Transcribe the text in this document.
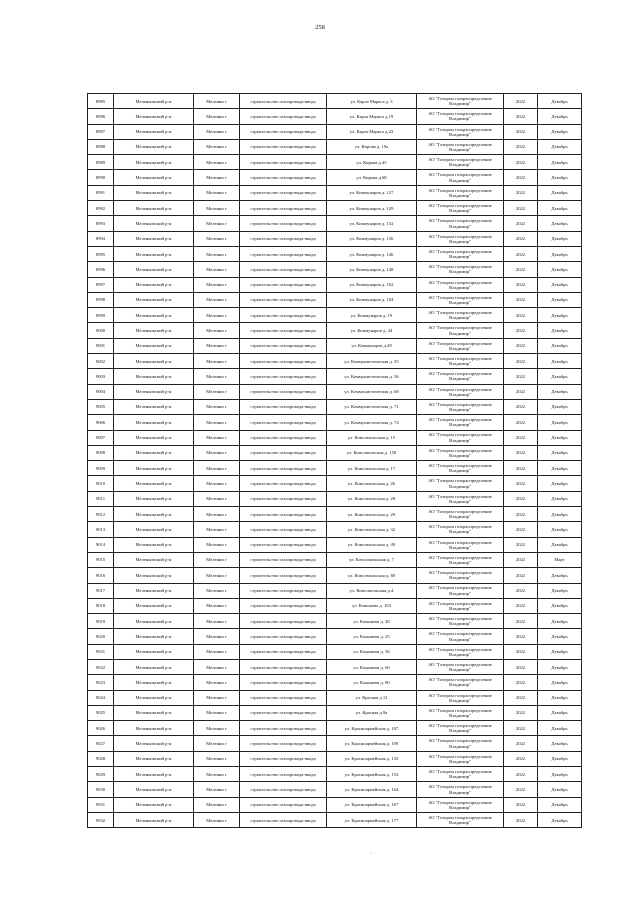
258
8985	Меленковский р-н	Меленки г	строительство газопровода-ввода	ул. Карла Маркса д. 3	АО "Газпром газораспределение Владимир"	2022	Декабрь
8986	Меленковский р-н	Меленки г	строительство газопровода-ввода	ул. Карла Маркса д.19	АО "Газпром газораспределение Владимир"	2022	Декабрь
8987	Меленковский р-н	Меленки г	строительство газопровода-ввода	ул. Карла Маркса д.23	АО "Газпром газораспределение Владимир"	2022	Декабрь
8988	Меленковский р-н	Меленки г	строительство газопровода-ввода	ул. Кирова д. 19а	АО "Газпром газораспределение Владимир"	2022	Декабрь
8989	Меленковский р-н	Меленки г	строительство газопровода-ввода	ул. Кирова д.45	АО "Газпром газораспределение Владимир"	2022	Декабрь
8990	Меленковский р-н	Меленки г	строительство газопровода-ввода	ул. Кирова д.68	АО "Газпром газораспределение Владимир"	2022	Декабрь
8991	Меленковский р-н	Меленки г	строительство газопровода-ввода	ул. Коммунаров д. 127	АО "Газпром газораспределение Владимир"	2022	Декабрь
8992	Меленковский р-н	Меленки г	строительство газопровода-ввода	ул. Коммунаров д. 129	АО "Газпром газораспределение Владимир"	2022	Декабрь
8993	Меленковский р-н	Меленки г	строительство газопровода-ввода	ул. Коммунаров д. 132	АО "Газпром газораспределение Владимир"	2022	Декабрь
8994	Меленковский р-н	Меленки г	строительство газопровода-ввода	ул. Коммунаров д. 136	АО "Газпром газораспределение Владимир"	2022	Декабрь
8995	Меленковский р-н	Меленки г	строительство газопровода-ввода	ул. Коммунаров д. 146	АО "Газпром газораспределение Владимир"	2022	Декабрь
8996	Меленковский р-н	Меленки г	строительство газопровода-ввода	ул. Коммунаров д. 148	АО "Газпром газораспределение Владимир"	2022	Декабрь
8997	Меленковский р-н	Меленки г	строительство газопровода-ввода	ул. Коммунаров д. 162	АО "Газпром газораспределение Владимир"	2022	Декабрь
8998	Меленковский р-н	Меленки г	строительство газопровода-ввода	ул. Коммунаров д. 184	АО "Газпром газораспределение Владимир"	2022	Декабрь
8999	Меленковский р-н	Меленки г	строительство газопровода-ввода	ул. Коммунаров д. 19	АО "Газпром газораспределение Владимир"	2022	Декабрь
9000	Меленковский р-н	Меленки г	строительство газопровода-ввода	ул. Коммунаров д. 44	АО "Газпром газораспределение Владимир"	2022	Декабрь
9001	Меленковский р-н	Меленки г	строительство газопровода-ввода	ул. Коммунаров д.28	АО "Газпром газораспределение Владимир"	2022	Декабрь
9002	Меленковский р-н	Меленки г	строительство газопровода-ввода	ул. Коммунистическая д. 55	АО "Газпром газораспределение Владимир"	2022	Декабрь
9003	Меленковский р-н	Меленки г	строительство газопровода-ввода	ул. Коммунистическая д. 56	АО "Газпром газораспределение Владимир"	2022	Декабрь
9004	Меленковский р-н	Меленки г	строительство газопровода-ввода	ул. Коммунистическая д. 68	АО "Газпром газораспределение Владимир"	2022	Декабрь
9005	Меленковский р-н	Меленки г	строительство газопровода-ввода	ул. Коммунистическая д. 71	АО "Газпром газораспределение Владимир"	2022	Декабрь
9006	Меленковский р-н	Меленки г	строительство газопровода-ввода	ул. Коммунистическая д. 74	АО "Газпром газораспределение Владимир"	2022	Декабрь
9007	Меленковский р-н	Меленки г	строительство газопровода-ввода	ул. Комсомольская д. 15	АО "Газпром газораспределение Владимир"	2022	Декабрь
9008	Меленковский р-н	Меленки г	строительство газопровода-ввода	ул. Комсомольская д. 150	АО "Газпром газораспределение Владимир"	2022	Декабрь
9009	Меленковский р-н	Меленки г	строительство газопровода-ввода	ул. Комсомольская д. 17	АО "Газпром газораспределение Владимир"	2022	Декабрь
9010	Меленковский р-н	Меленки г	строительство газопровода-ввода	ул. Комсомольская д. 26	АО "Газпром газораспределение Владимир"	2022	Декабрь
9011	Меленковский р-н	Меленки г	строительство газопровода-ввода	ул. Комсомольская д. 28	АО "Газпром газораспределение Владимир"	2022	Декабрь
9012	Меленковский р-н	Меленки г	строительство газопровода-ввода	ул. Комсомольская д. 29	АО "Газпром газораспределение Владимир"	2022	Декабрь
9013	Меленковский р-н	Меленки г	строительство газопровода-ввода	ул. Комсомольская д. 32	АО "Газпром газораспределение Владимир"	2022	Декабрь
9014	Меленковский р-н	Меленки г	строительство газопровода-ввода	ул. Комсомольская д. 49	АО "Газпром газораспределение Владимир"	2022	Декабрь
9015	Меленковский р-н	Меленки г	строительство газопровода-ввода	ул. Комсомольская д. 7	АО "Газпром газораспределение Владимир"	2022	Март
9016	Меленковский р-н	Меленки г	строительство газопровода-ввода	ул. Комсомольская д. 80	АО "Газпром газораспределение Владимир"	2022	Декабрь
9017	Меленковский р-н	Меленки г	строительство газопровода-ввода	ул. Комсомольская д.4	АО "Газпром газораспределение Владимир"	2022	Декабрь
9018	Меленковский р-н	Меленки г	строительство газопровода-ввода	ул. Коньшева д. 103	АО "Газпром газораспределение Владимир"	2022	Декабрь
9019	Меленковский р-н	Меленки г	строительство газопровода-ввода	ул. Коньшева д. 20	АО "Газпром газораспределение Владимир"	2022	Декабрь
9020	Меленковский р-н	Меленки г	строительство газопровода-ввода	ул. Коньшева д. 25	АО "Газпром газораспределение Владимир"	2022	Декабрь
9021	Меленковский р-н	Меленки г	строительство газопровода-ввода	ул. Коньшева д. 56	АО "Газпром газораспределение Владимир"	2022	Декабрь
9022	Меленковский р-н	Меленки г	строительство газопровода-ввода	ул. Коньшева д. 60	АО "Газпром газораспределение Владимир"	2022	Декабрь
9023	Меленковский р-н	Меленки г	строительство газопровода-ввода	ул. Коньшева д. 80	АО "Газпром газораспределение Владимир"	2022	Декабрь
9024	Меленковский р-н	Меленки г	строительство газопровода-ввода	ул. Красная д.12	АО "Газпром газораспределение Владимир"	2022	Декабрь
9025	Меленковский р-н	Меленки г	строительство газопровода-ввода	ул. Красная д.9а	АО "Газпром газораспределение Владимир"	2022	Декабрь
9026	Меленковский р-н	Меленки г	строительство газопровода-ввода	ул. Красноармейская д. 107	АО "Газпром газораспределение Владимир"	2022	Декабрь
9027	Меленковский р-н	Меленки г	строительство газопровода-ввода	ул. Красноармейская д. 109	АО "Газпром газораспределение Владимир"	2022	Декабрь
9028	Меленковский р-н	Меленки г	строительство газопровода-ввода	ул. Красноармейская д. 135	АО "Газпром газораспределение Владимир"	2022	Декабрь
9029	Меленковский р-н	Меленки г	строительство газопровода-ввода	ул. Красноармейская д. 154	АО "Газпром газораспределение Владимир"	2022	Декабрь
9030	Меленковский р-н	Меленки г	строительство газопровода-ввода	ул. Красноармейская д. 164	АО "Газпром газораспределение Владимир"	2022	Декабрь
9031	Меленковский р-н	Меленки г	строительство газопровода-ввода	ул. Красноармейская д. 167	АО "Газпром газораспределение Владимир"	2022	Декабрь
9032	Меленковский р-н	Меленки г	строительство газопровода-ввода	ул. Красноармейская д. 177	АО "Газпром газораспределение Владимир"	2022	Декабрь
·
